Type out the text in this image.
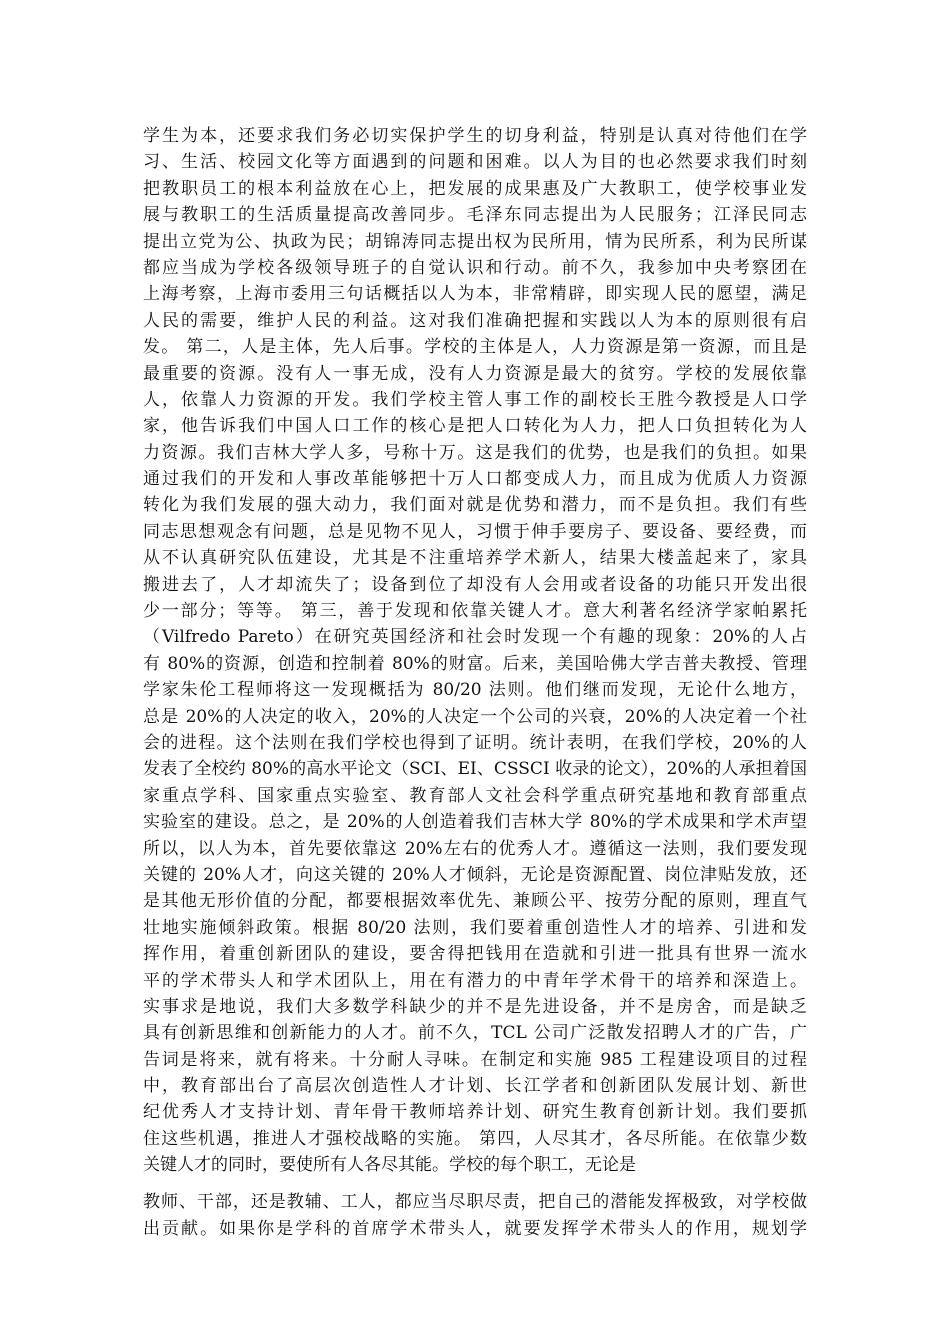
学生为本，还要求我们务必切实保护学生的切身利益，特别是认真对待他们在学
习、生活、校园文化等方面遇到的问题和困难。以人为目的也必然要求我们时刻
把教职员工的根本利益放在心上，把发展的成果惠及广大教职工，使学校事业发
展与教职工的生活质量提高改善同步。毛泽东同志提出为人民服务；江泽民同志
提出立党为公、执政为民；胡锦涛同志提出权为民所用，情为民所系，利为民所谋
都应当成为学校各级领导班子的自觉认识和行动。前不久，我参加中央考察团在
上海考察，上海市委用三句话概括以人为本，非常精辟，即实现人民的愿望，满足
人民的需要，维护人民的利益。这对我们准确把握和实践以人为本的原则很有启
发。 第二，人是主体，先人后事。学校的主体是人，人力资源是第一资源，而且是
最重要的资源。没有人一事无成，没有人力资源是最大的贫穷。学校的发展依靠
人，依靠人力资源的开发。我们学校主管人事工作的副校长王胜今教授是人口学
家，他告诉我们中国人口工作的核心是把人口转化为人力，把人口负担转化为人
力资源。我们吉林大学人多，号称十万。这是我们的优势，也是我们的负担。如果
通过我们的开发和人事改革能够把十万人口都变成人力，而且成为优质人力资源
转化为我们发展的强大动力，我们面对就是优势和潜力，而不是负担。我们有些
同志思想观念有问题，总是见物不见人，习惯于伸手要房子、要设备、要经费，而
从不认真研究队伍建设，尤其是不注重培养学术新人，结果大楼盖起来了，家具
搬进去了，人才却流失了；设备到位了却没有人会用或者设备的功能只开发出很
少一部分；等等。 第三，善于发现和依靠关键人才。意大利著名经济学家帕累托
（Vilfredo Pareto）在研究英国经济和社会时发现一个有趣的现象：20%的人占
有 80%的资源，创造和控制着 80%的财富。后来，美国哈佛大学吉普夫教授、管理
学家朱伦工程师将这一发现概括为 80/20 法则。他们继而发现，无论什么地方，
总是 20%的人决定的收入，20%的人决定一个公司的兴衰，20%的人决定着一个社
会的进程。这个法则在我们学校也得到了证明。统计表明，在我们学校，20%的人
发表了全校约 80%的高水平论文（SCI、EI、CSSCI 收录的论文），20%的人承担着国
家重点学科、国家重点实验室、教育部人文社会科学重点研究基地和教育部重点
实验室的建设。总之，是 20%的人创造着我们吉林大学 80%的学术成果和学术声望
所以，以人为本，首先要依靠这 20%左右的优秀人才。遵循这一法则，我们要发现
关键的 20%人才，向这关键的 20%人才倾斜，无论是资源配置、岗位津贴发放，还
是其他无形价值的分配，都要根据效率优先、兼顾公平、按劳分配的原则，理直气
壮地实施倾斜政策。根据 80/20 法则，我们要着重创造性人才的培养、引进和发
挥作用，着重创新团队的建设，要舍得把钱用在造就和引进一批具有世界一流水
平的学术带头人和学术团队上，用在有潜力的中青年学术骨干的培养和深造上。
实事求是地说，我们大多数学科缺少的并不是先进设备，并不是房舍，而是缺乏
具有创新思维和创新能力的人才。前不久，TCL 公司广泛散发招聘人才的广告，广
告词是将来，就有将来。十分耐人寻味。在制定和实施 985 工程建设项目的过程
中，教育部出台了高层次创造性人才计划、长江学者和创新团队发展计划、新世
纪优秀人才支持计划、青年骨干教师培养计划、研究生教育创新计划。我们要抓
住这些机遇，推进人才强校战略的实施。 第四，人尽其才，各尽所能。在依靠少数
关键人才的同时，要使所有人各尽其能。学校的每个职工，无论是
教师、干部，还是教辅、工人，都应当尽职尽责，把自己的潜能发挥极致，对学校做
出贡献。如果你是学科的首席学术带头人，就要发挥学术带头人的作用，规划学
